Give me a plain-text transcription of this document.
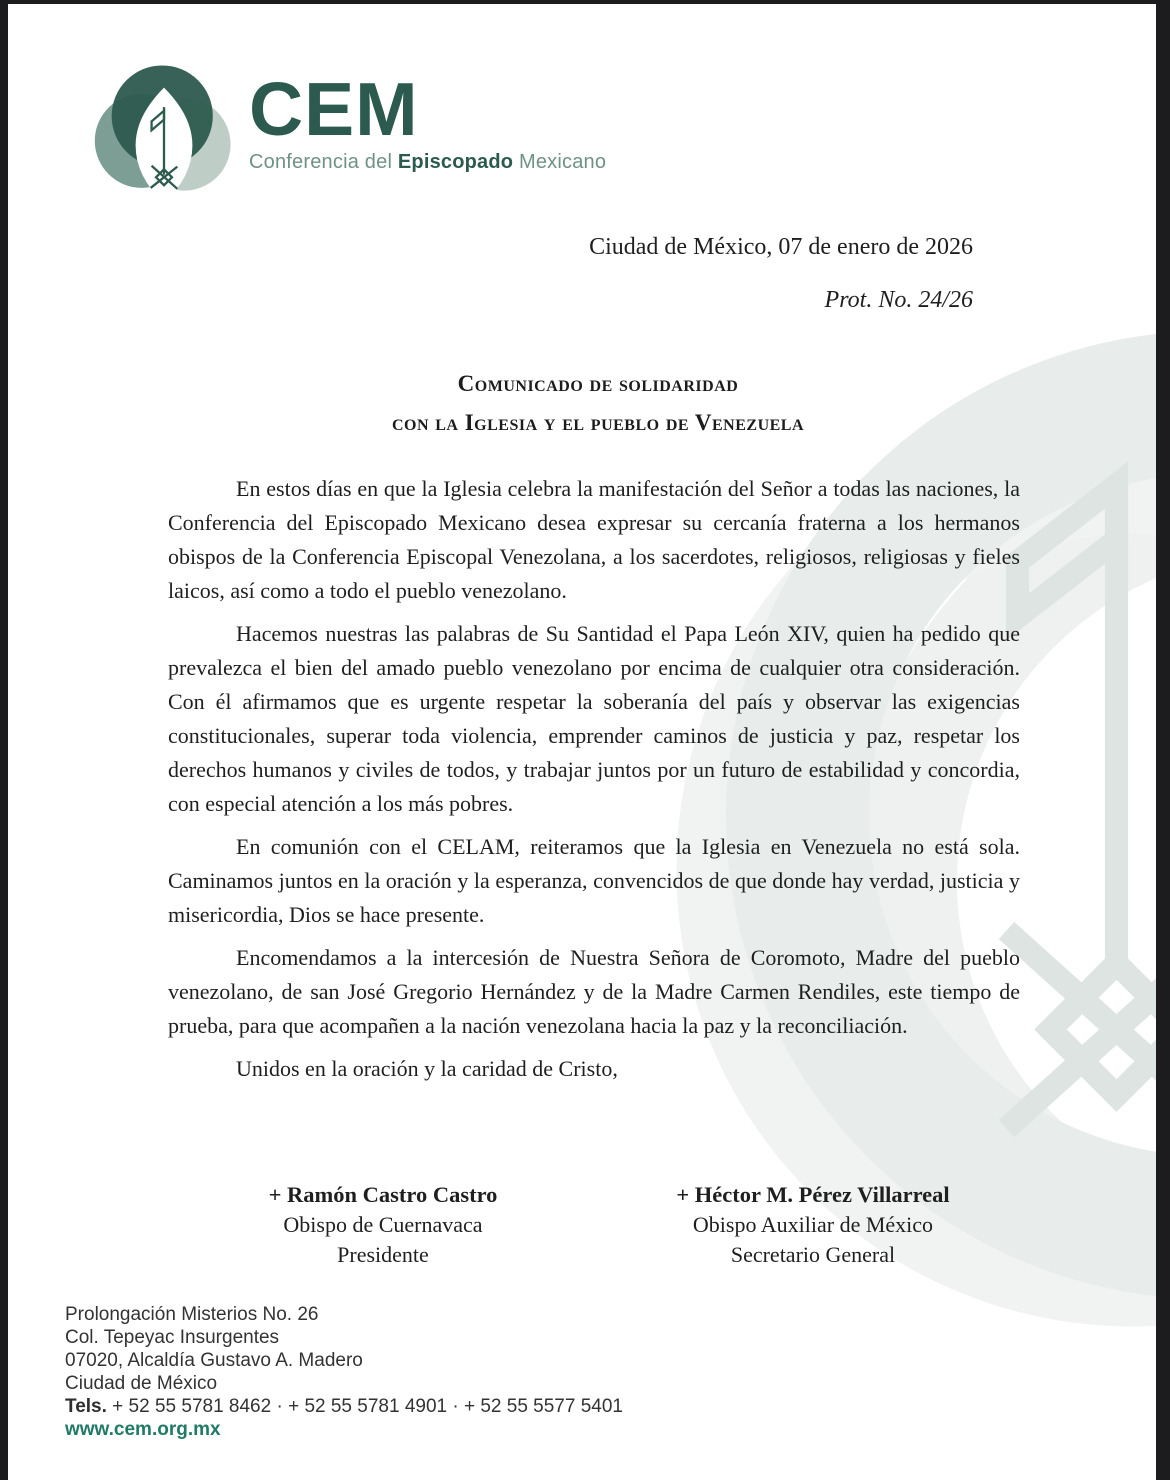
CEM
Conferencia del Episcopado Mexicano
Ciudad de México, 07 de enero de 2026
Prot. No. 24/26
Comunicado de solidaridad
con la Iglesia y el pueblo de Venezuela

En estos días en que la Iglesia celebra la manifestación del Señor a todas las naciones, la Conferencia del Episcopado Mexicano desea expresar su cercanía fraterna a los hermanos obispos de la Conferencia Episcopal Venezolana, a los sacerdotes, religiosos, religiosas y fieles laicos, así como a todo el pueblo venezolano.

Hacemos nuestras las palabras de Su Santidad el Papa León XIV, quien ha pedido que prevalezca el bien del amado pueblo venezolano por encima de cualquier otra consideración. Con él afirmamos que es urgente respetar la soberanía del país y observar las exigencias constitucionales, superar toda violencia, emprender caminos de justicia y paz, respetar los derechos humanos y civiles de todos, y trabajar juntos por un futuro de estabilidad y concordia, con especial atención a los más pobres.

En comunión con el CELAM, reiteramos que la Iglesia en Venezuela no está sola. Caminamos juntos en la oración y la esperanza, convencidos de que donde hay verdad, justicia y misericordia, Dios se hace presente.

Encomendamos a la intercesión de Nuestra Señora de Coromoto, Madre del pueblo venezolano, de san José Gregorio Hernández y de la Madre Carmen Rendiles, este tiempo de prueba, para que acompañen a la nación venezolana hacia la paz y la reconciliación.

Unidos en la oración y la caridad de Cristo,

+ Ramón Castro Castro
Obispo de Cuernavaca
Presidente
+ Héctor M. Pérez Villarreal
Obispo Auxiliar de México
Secretario General
Prolongación Misterios No. 26
Col. Tepeyac Insurgentes
07020, Alcaldía Gustavo A. Madero
Ciudad de México
Tels. + 52 55 5781 8462 · + 52 55 5781 4901 · + 52 55 5577 5401
www.cem.org.mx
